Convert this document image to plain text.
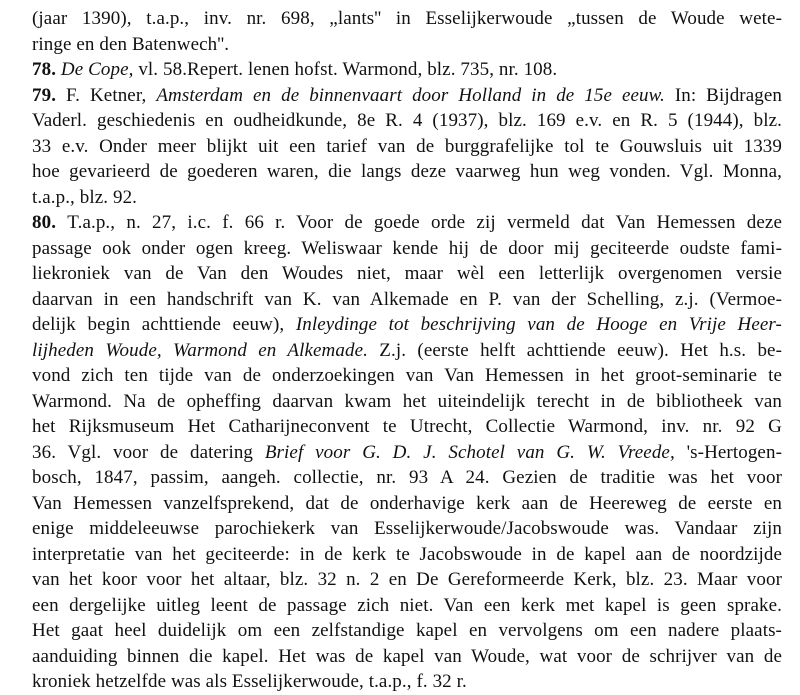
(jaar 1390), t.a.p., inv. nr. 698, „lants'' in Esselijkerwoude „tussen de Woude wete-
ringe en den Batenwech''.
78. De Cope, vl. 58.Repert. lenen hofst. Warmond, blz. 735, nr. 108.
79. F. Ketner, Amsterdam en de binnenvaart door Holland in de 15e eeuw. In: Bijdragen
Vaderl. geschiedenis en oudheidkunde, 8e R. 4 (1937), blz. 169 e.v. en R. 5 (1944), blz.
33 e.v. Onder meer blijkt uit een tarief van de burggrafelijke tol te Gouwsluis uit 1339
hoe gevarieerd de goederen waren, die langs deze vaarweg hun weg vonden. Vgl. Monna,
t.a.p., blz. 92.
80. T.a.p., n. 27, i.c. f. 66 r. Voor de goede orde zij vermeld dat Van Hemessen deze
passage ook onder ogen kreeg. Weliswaar kende hij de door mij geciteerde oudste fami-
liekroniek van de Van den Woudes niet, maar wèl een letterlijk overgenomen versie
daarvan in een handschrift van K. van Alkemade en P. van der Schelling, z.j. (Vermoe-
delijk begin achttiende eeuw), Inleydinge tot beschrijving van de Hooge en Vrije Heer-
lijheden Woude, Warmond en Alkemade. Z.j. (eerste helft achttiende eeuw). Het h.s. be-
vond zich ten tijde van de onderzoekingen van Van Hemessen in het groot-seminarie te
Warmond. Na de opheffing daarvan kwam het uiteindelijk terecht in de bibliotheek van
het Rijksmuseum Het Catharijneconvent te Utrecht, Collectie Warmond, inv. nr. 92 G
36. Vgl. voor de datering Brief voor G. D. J. Schotel van G. W. Vreede, 's-Hertogen-
bosch, 1847, passim, aangeh. collectie, nr. 93 A 24. Gezien de traditie was het voor
Van Hemessen vanzelfsprekend, dat de onderhavige kerk aan de Heereweg de eerste en
enige middeleeuwse parochiekerk van Esselijkerwoude/Jacobswoude was. Vandaar zijn
interpretatie van het geciteerde: in de kerk te Jacobswoude in de kapel aan de noordzijde
van het koor voor het altaar, blz. 32 n. 2 en De Gereformeerde Kerk, blz. 23. Maar voor
een dergelijke uitleg leent de passage zich niet. Van een kerk met kapel is geen sprake.
Het gaat heel duidelijk om een zelfstandige kapel en vervolgens om een nadere plaats-
aanduiding binnen die kapel. Het was de kapel van Woude, wat voor de schrijver van de
kroniek hetzelfde was als Esselijkerwoude, t.a.p., f. 32 r.
